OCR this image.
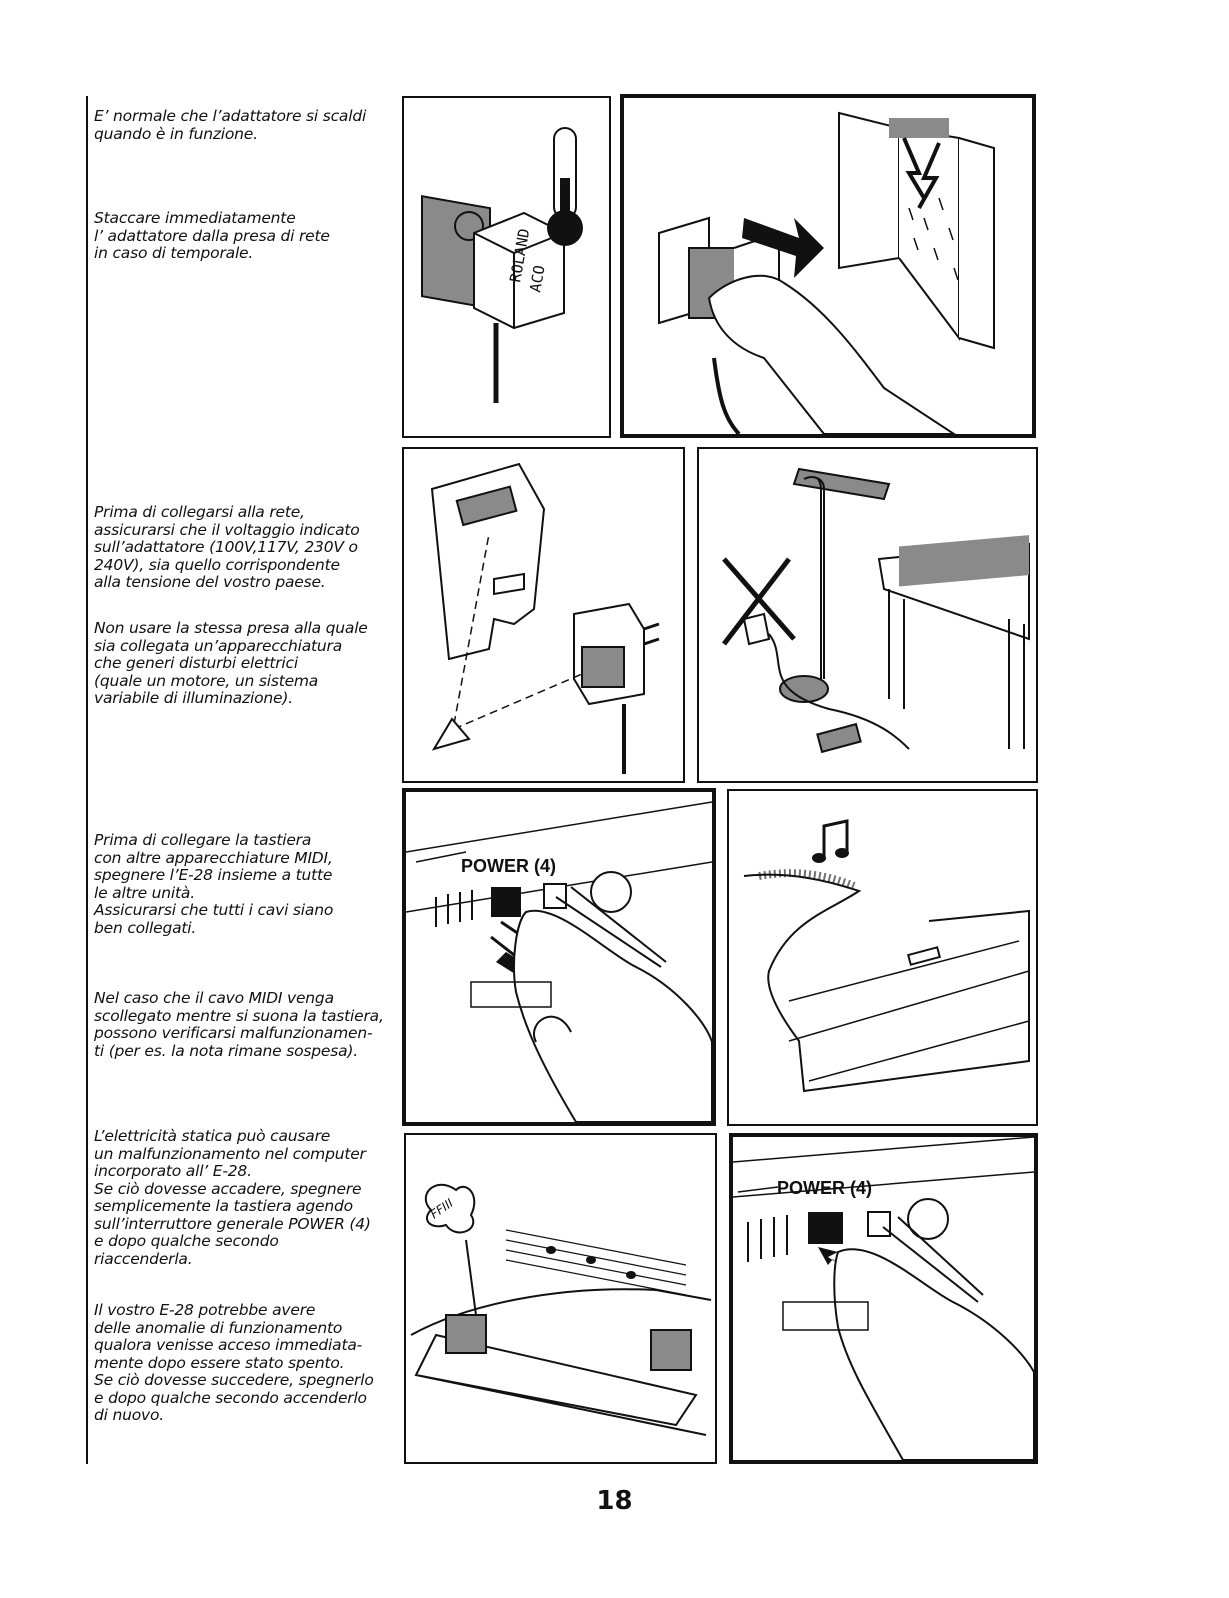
E’ normale che l’adattatore si scaldi
quando è in funzione.
Staccare immediatamente
l’ adattatore dalla presa di rete
in caso di temporale.
Prima di collegarsi alla rete,
assicurarsi che il voltaggio indicato
sull’adattatore (100V,117V, 230V o
240V), sia quello corrispondente
alla tensione del vostro paese.
Non usare la stessa presa alla quale
sia collegata un’apparecchiatura
che generi disturbi elettrici
(quale un motore, un sistema
variabile di illuminazione).
Prima di collegare la tastiera
con altre apparecchiature MIDI,
spegnere l’E-28 insieme a tutte
le altre unità.
Assicurarsi che tutti i cavi siano
ben collegati.
Nel caso che il cavo MIDI venga
scollegato mentre si suona la tastiera,
possono verificarsi malfunzionamen-
ti (per es. la nota rimane sospesa).
L’elettricità statica può causare
un malfunzionamento nel computer
incorporato all’ E-28.
Se ciò dovesse accadere, spegnere
semplicemente la tastiera agendo
sull’interruttore generale POWER (4)
e dopo qualche secondo
riaccenderla.
Il vostro E-28 potrebbe avere
delle anomalie di funzionamento
qualora venisse acceso immediata-
mente dopo essere stato spento.
Se ciò dovesse succedere, spegnerlo
e dopo qualche secondo accenderlo
di nuovo.
ROLAND
ACO
POWER (4)
FFIII
POWER (4)
18
